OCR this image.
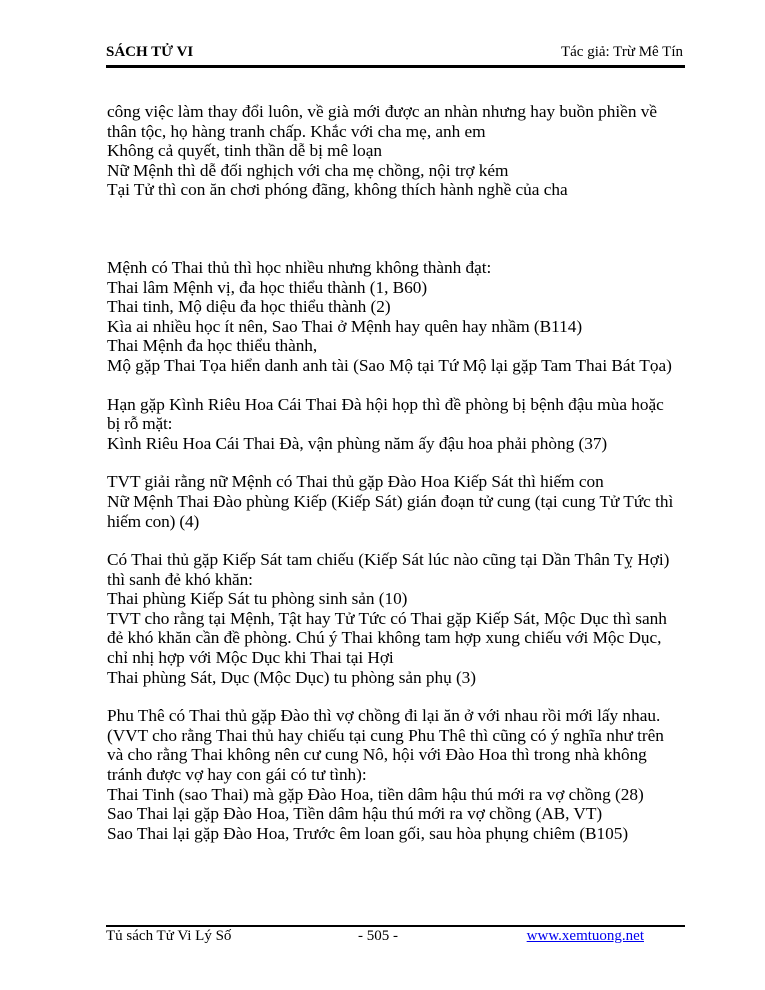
SÁCH TỬ VI	Tác giả: Trừ Mê Tín
công việc làm thay đổi luôn, về già mới được an nhàn nhưng hay buồn phiền về
thân tộc, họ hàng tranh chấp. Khắc với cha mẹ, anh em
Không cả quyết, tinh thần dễ bị mê loạn
Nữ Mệnh thì dễ đối nghịch với cha mẹ chồng, nội trợ kém
Tại Tử thì con ăn chơi phóng đãng, không thích hành nghề của cha
Mệnh có Thai thủ thì học nhiều nhưng không thành đạt:
Thai lâm Mệnh vị, đa học thiểu thành (1, B60)
Thai tinh, Mộ diệu đa học thiểu thành (2)
Kìa ai nhiều học ít nên, Sao Thai ở Mệnh hay quên hay nhầm (B114)
Thai Mệnh đa học thiểu thành,
Mộ gặp Thai Tọa hiển danh anh tài (Sao Mộ tại Tứ Mộ lại gặp Tam Thai Bát Tọa)
Hạn gặp Kình Riêu Hoa Cái Thai Đà hội họp thì đề phòng bị bệnh đậu mùa hoặc
bị rỗ mặt:
Kình Riêu Hoa Cái Thai Đà, vận phùng năm ấy đậu hoa phải phòng (37)
TVT giải rằng nữ Mệnh có Thai thủ gặp Đào Hoa Kiếp Sát thì hiếm con
Nữ Mệnh Thai Đào phùng Kiếp (Kiếp Sát) gián đoạn tử cung (tại cung Tử Tức thì
hiếm con) (4)
Có Thai thủ gặp Kiếp Sát tam chiếu (Kiếp Sát lúc nào cũng tại Dần Thân Tỵ Hợi)
thì sanh đẻ khó khăn:
Thai phùng Kiếp Sát tu phòng sinh sản (10)
TVT cho rằng tại Mệnh, Tật hay Tử Tức có Thai gặp Kiếp Sát, Mộc Dục thì sanh
đẻ khó khăn cần đề phòng. Chú ý Thai không tam hợp xung chiếu với Mộc Dục,
chỉ nhị hợp với Mộc Dục khi Thai tại Hợi
Thai phùng Sát, Dục (Mộc Dục) tu phòng sản phụ (3)
Phu Thê có Thai thủ gặp Đào thì vợ chồng đi lại ăn ở với nhau rồi mới lấy nhau.
(VVT cho rằng Thai thủ hay chiếu tại cung Phu Thê thì cũng có ý nghĩa như trên
và cho rằng Thai không nên cư cung Nô, hội với Đào Hoa thì trong nhà không
tránh được vợ hay con gái có tư tình):
Thai Tinh (sao Thai) mà gặp Đào Hoa, tiền dâm hậu thú mới ra vợ chồng (28)
Sao Thai lại gặp Đào Hoa, Tiền dâm hậu thú mới ra vợ chồng (AB, VT)
Sao Thai lại gặp Đào Hoa, Trước êm loan gối, sau hòa phụng chiêm (B105)
Tủ sách Tử Vi Lý Số	- 505 -	www.xemtuong.net
